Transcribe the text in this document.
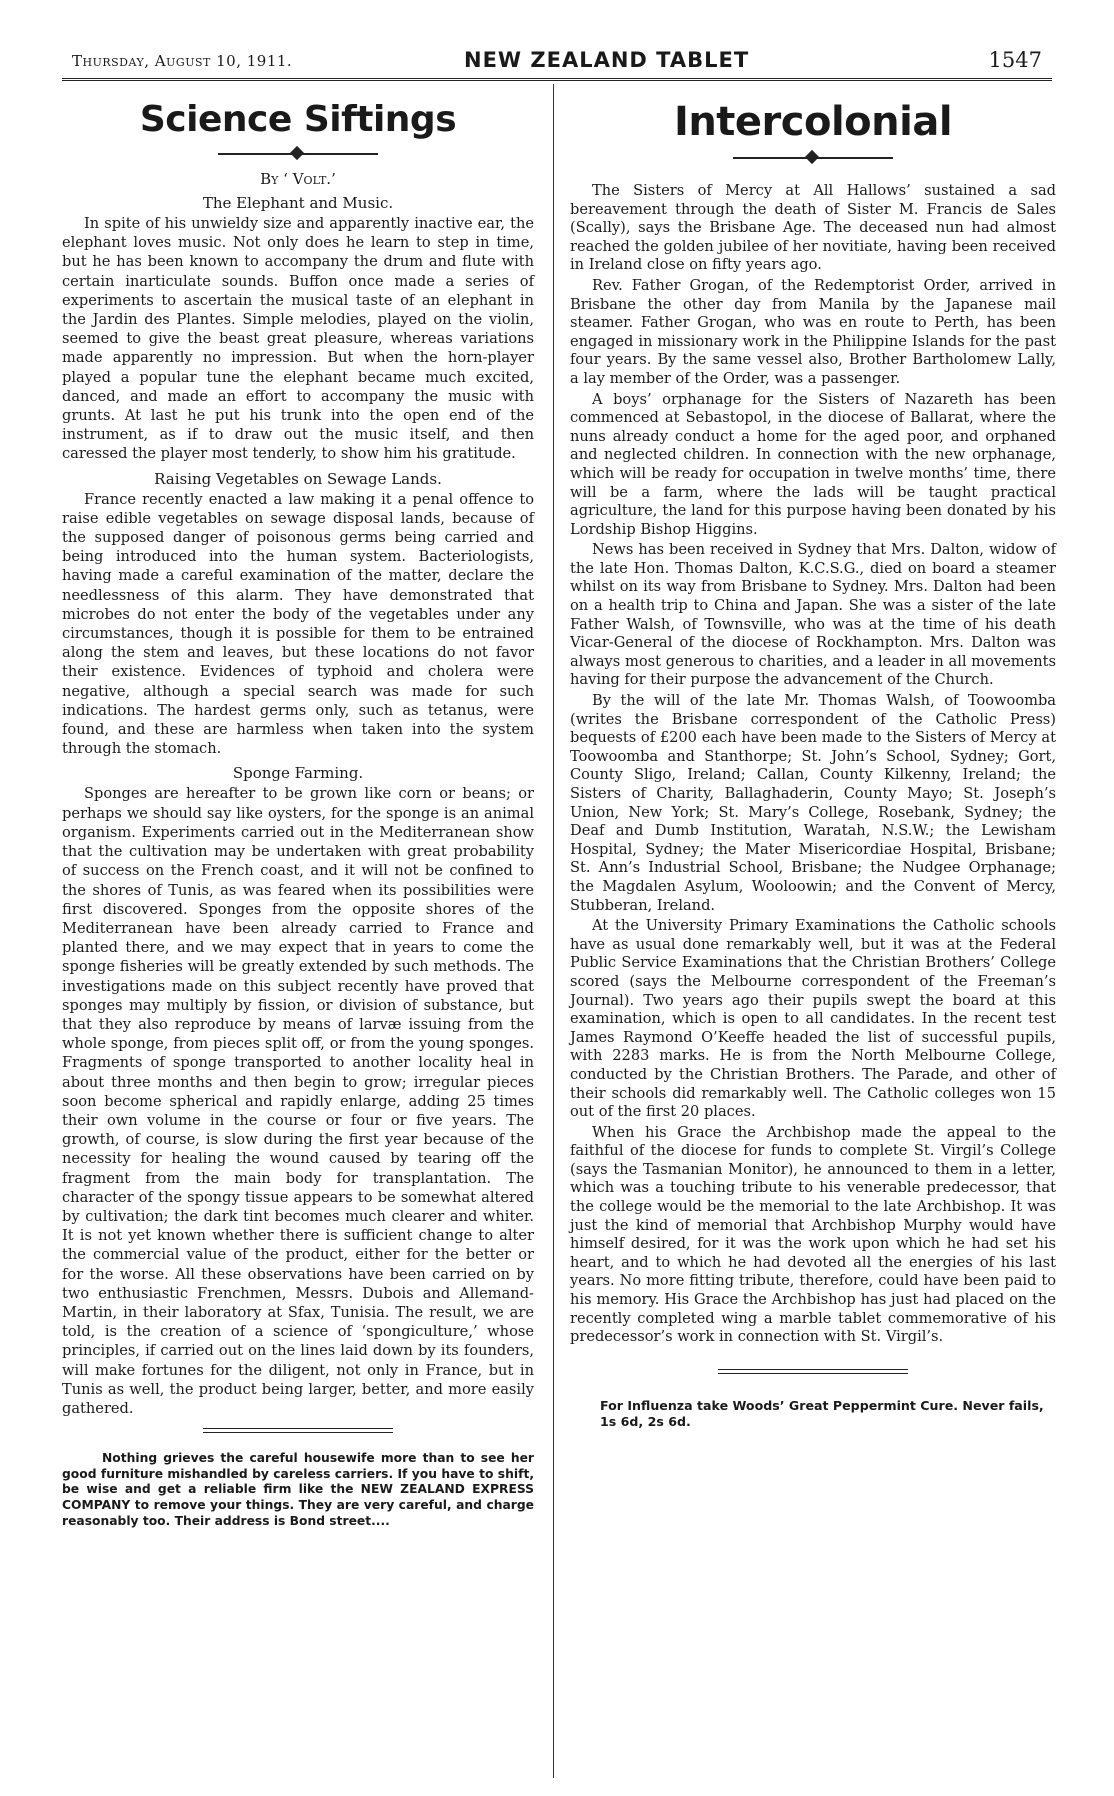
Thursday, August 10, 1911.	NEW ZEALAND TABLET	1547
Science Siftings
By ‘ Volt.’
The Elephant and Music.

In spite of his unwieldy size and apparently inactive ear, the elephant loves music. Not only does he learn to step in time, but he has been known to accompany the drum and flute with certain inarticulate sounds. Buffon once made a series of experiments to ascertain the musical taste of an elephant in the Jardin des Plantes. Simple melodies, played on the violin, seemed to give the beast great pleasure, whereas variations made apparently no impression. But when the horn-player played a popular tune the elephant became much excited, danced, and made an effort to accompany the music with grunts. At last he put his trunk into the open end of the instrument, as if to draw out the music itself, and then caressed the player most tenderly, to show him his gratitude.

Raising Vegetables on Sewage Lands.

France recently enacted a law making it a penal offence to raise edible vegetables on sewage disposal lands, because of the supposed danger of poisonous germs being carried and being introduced into the human system. Bacteriologists, having made a careful examination of the matter, declare the needlessness of this alarm. They have demonstrated that microbes do not enter the body of the vegetables under any circumstances, though it is possible for them to be entrained along the stem and leaves, but these locations do not favor their existence. Evidences of typhoid and cholera were negative, although a special search was made for such indications. The hardest germs only, such as tetanus, were found, and these are harmless when taken into the system through the stomach.

Sponge Farming.

Sponges are hereafter to be grown like corn or beans; or perhaps we should say like oysters, for the sponge is an animal organism. Experiments carried out in the Mediterranean show that the cultivation may be undertaken with great probability of success on the French coast, and it will not be confined to the shores of Tunis, as was feared when its possibilities were first discovered. Sponges from the opposite shores of the Mediterranean have been already carried to France and planted there, and we may expect that in years to come the sponge fisheries will be greatly extended by such methods. The investigations made on this subject recently have proved that sponges may multiply by fission, or division of substance, but that they also reproduce by means of larvæ issuing from the whole sponge, from pieces split off, or from the young sponges. Fragments of sponge transported to another locality heal in about three months and then begin to grow; irregular pieces soon become spherical and rapidly enlarge, adding 25 times their own volume in the course or four or five years. The growth, of course, is slow during the first year because of the necessity for healing the wound caused by tearing off the fragment from the main body for transplantation. The character of the spongy tissue appears to be somewhat altered by cultivation; the dark tint becomes much clearer and whiter. It is not yet known whether there is sufficient change to alter the commercial value of the product, either for the better or for the worse. All these observations have been carried on by two enthusiastic Frenchmen, Messrs. Dubois and Allemand-Martin, in their laboratory at Sfax, Tunisia. The result, we are told, is the creation of a science of ‘spongiculture,’ whose principles, if carried out on the lines laid down by its founders, will make fortunes for the diligent, not only in France, but in Tunis as well, the product being larger, better, and more easily gathered.

Nothing grieves the careful housewife more than to see her good furniture mishandled by careless carriers. If you have to shift, be wise and get a reliable firm like the NEW ZEALAND EXPRESS COMPANY to remove your things. They are very careful, and charge reasonably too. Their address is Bond street....

Intercolonial

The Sisters of Mercy at All Hallows’ sustained a sad bereavement through the death of Sister M. Francis de Sales (Scally), says the Brisbane Age. The deceased nun had almost reached the golden jubilee of her novitiate, having been received in Ireland close on fifty years ago.

Rev. Father Grogan, of the Redemptorist Order, arrived in Brisbane the other day from Manila by the Japanese mail steamer. Father Grogan, who was en route to Perth, has been engaged in missionary work in the Philippine Islands for the past four years. By the same vessel also, Brother Bartholomew Lally, a lay member of the Order, was a passenger.

A boys’ orphanage for the Sisters of Nazareth has been commenced at Sebastopol, in the diocese of Ballarat, where the nuns already conduct a home for the aged poor, and orphaned and neglected children. In connection with the new orphanage, which will be ready for occupation in twelve months’ time, there will be a farm, where the lads will be taught practical agriculture, the land for this purpose having been donated by his Lordship Bishop Higgins.

News has been received in Sydney that Mrs. Dalton, widow of the late Hon. Thomas Dalton, K.C.S.G., died on board a steamer whilst on its way from Brisbane to Sydney. Mrs. Dalton had been on a health trip to China and Japan. She was a sister of the late Father Walsh, of Townsville, who was at the time of his death Vicar-General of the diocese of Rockhampton. Mrs. Dalton was always most generous to charities, and a leader in all movements having for their purpose the advancement of the Church.

By the will of the late Mr. Thomas Walsh, of Toowoomba (writes the Brisbane correspondent of the Catholic Press) bequests of £200 each have been made to the Sisters of Mercy at Toowoomba and Stanthorpe; St. John’s School, Sydney; Gort, County Sligo, Ireland; Callan, County Kilkenny, Ireland; the Sisters of Charity, Ballaghaderin, County Mayo; St. Joseph’s Union, New York; St. Mary’s College, Rosebank, Sydney; the Deaf and Dumb Institution, Waratah, N.S.W.; the Lewisham Hospital, Sydney; the Mater Misericordiae Hospital, Brisbane; St. Ann’s Industrial School, Brisbane; the Nudgee Orphanage; the Magdalen Asylum, Wooloowin; and the Convent of Mercy, Stubberan, Ireland.

At the University Primary Examinations the Catholic schools have as usual done remarkably well, but it was at the Federal Public Service Examinations that the Christian Brothers’ College scored (says the Melbourne correspondent of the Freeman’s Journal). Two years ago their pupils swept the board at this examination, which is open to all candidates. In the recent test James Raymond O’Keeffe headed the list of successful pupils, with 2283 marks. He is from the North Melbourne College, conducted by the Christian Brothers. The Parade, and other of their schools did remarkably well. The Catholic colleges won 15 out of the first 20 places.

When his Grace the Archbishop made the appeal to the faithful of the diocese for funds to complete St. Virgil’s College (says the Tasmanian Monitor), he announced to them in a letter, which was a touching tribute to his venerable predecessor, that the college would be the memorial to the late Archbishop. It was just the kind of memorial that Archbishop Murphy would have himself desired, for it was the work upon which he had set his heart, and to which he had devoted all the energies of his last years. No more fitting tribute, therefore, could have been paid to his memory. His Grace the Archbishop has just had placed on the recently completed wing a marble tablet commemorative of his predecessor’s work in connection with St. Virgil’s.

For Influenza take Woods’ Great Peppermint Cure. Never fails, 1s 6d, 2s 6d.
